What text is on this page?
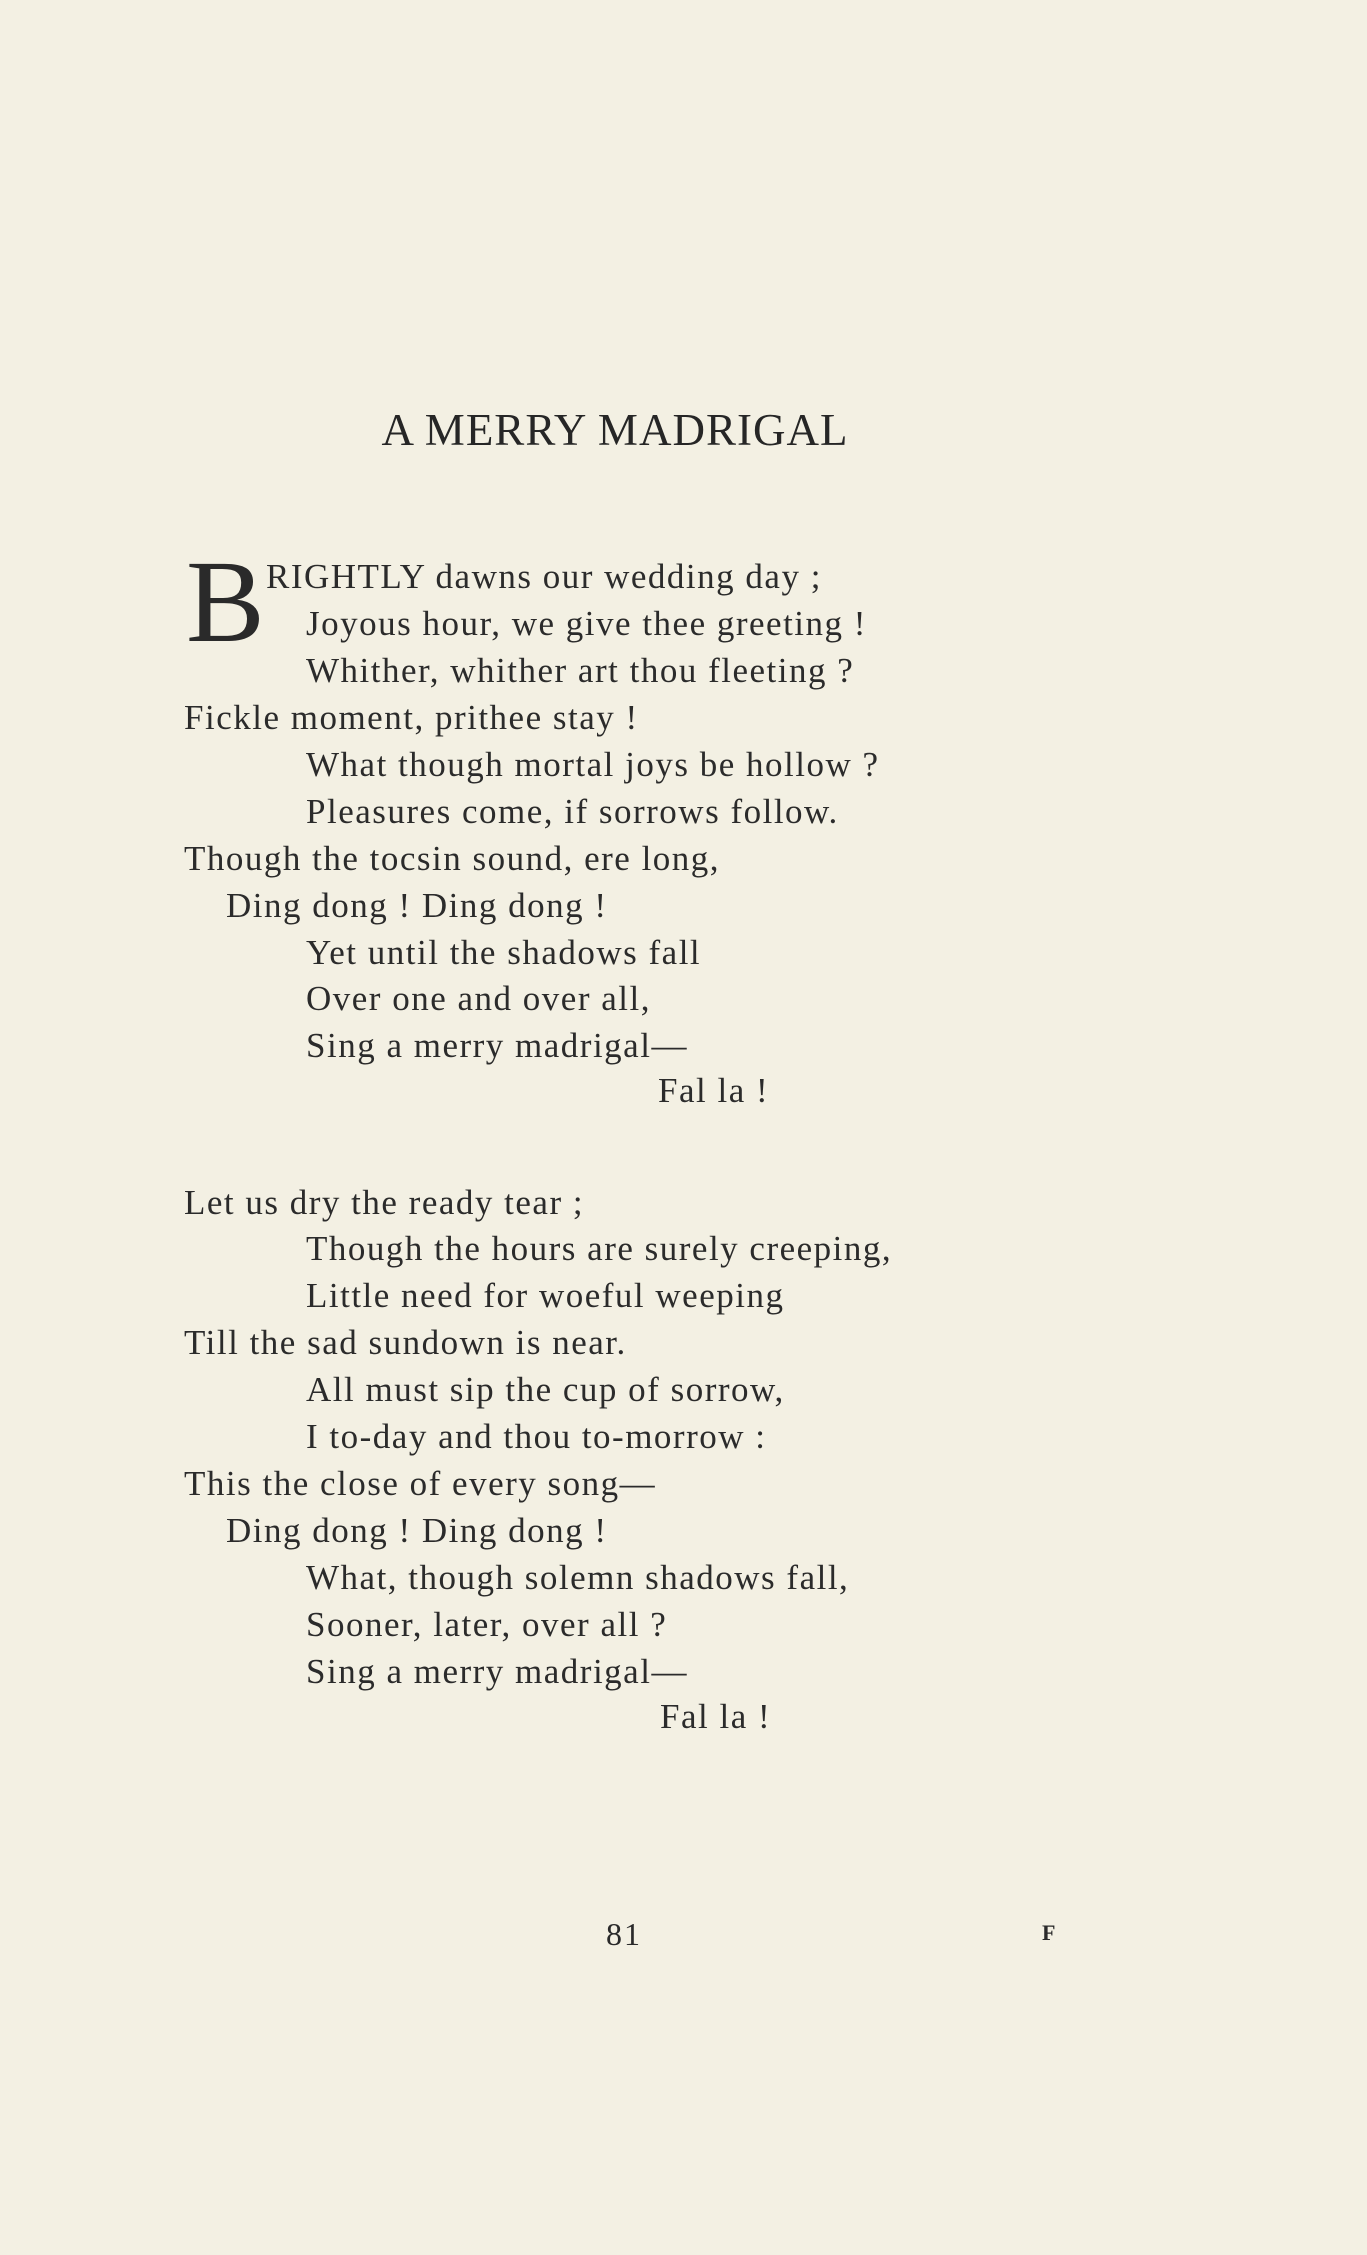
A MERRY MADRIGAL
B RIGHTLY dawns our wedding day ;
Joyous hour, we give thee greeting !
Whither, whither art thou fleeting ?
Fickle moment, prithee stay !
What though mortal joys be hollow ?
Pleasures come, if sorrows follow.
Though the tocsin sound, ere long,
Ding dong ! Ding dong !
Yet until the shadows fall
Over one and over all,
Sing a merry madrigal—
Fal la !
Let us dry the ready tear ;
Though the hours are surely creeping,
Little need for woeful weeping
Till the sad sundown is near.
All must sip the cup of sorrow,
I to-day and thou to-morrow :
This the close of every song—
Ding dong ! Ding dong !
What, though solemn shadows fall,
Sooner, later, over all ?
Sing a merry madrigal—
Fal la !
81	F
